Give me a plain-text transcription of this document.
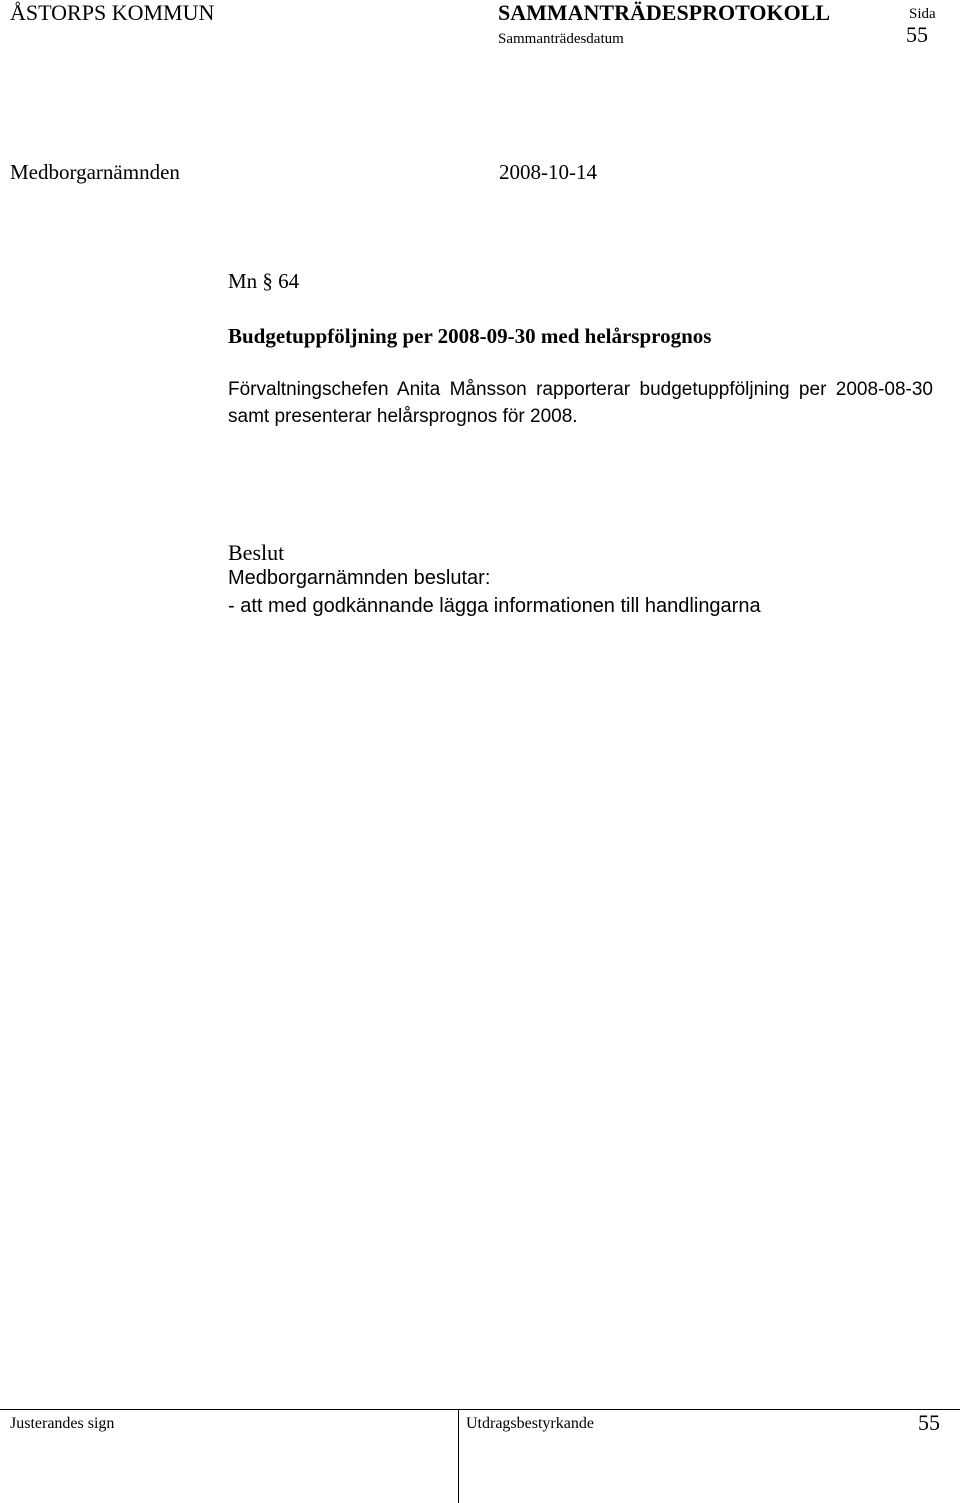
ÅSTORPS KOMMUN	SAMMANTRÄDESPROTOKOLL	Sida
Sammanträdesdatum	55
Medborgarnämnden	2008-10-14
Mn § 64
Budgetuppföljning per 2008-09-30 med helårsprognos
Förvaltningschefen Anita Månsson rapporterar budgetuppföljning per 2008-08-30 samt presenterar helårsprognos för 2008.
Beslut
Medborgarnämnden beslutar:
- att med godkännande lägga informationen till handlingarna
Justerandes sign	Utdragsbestyrkande	55
